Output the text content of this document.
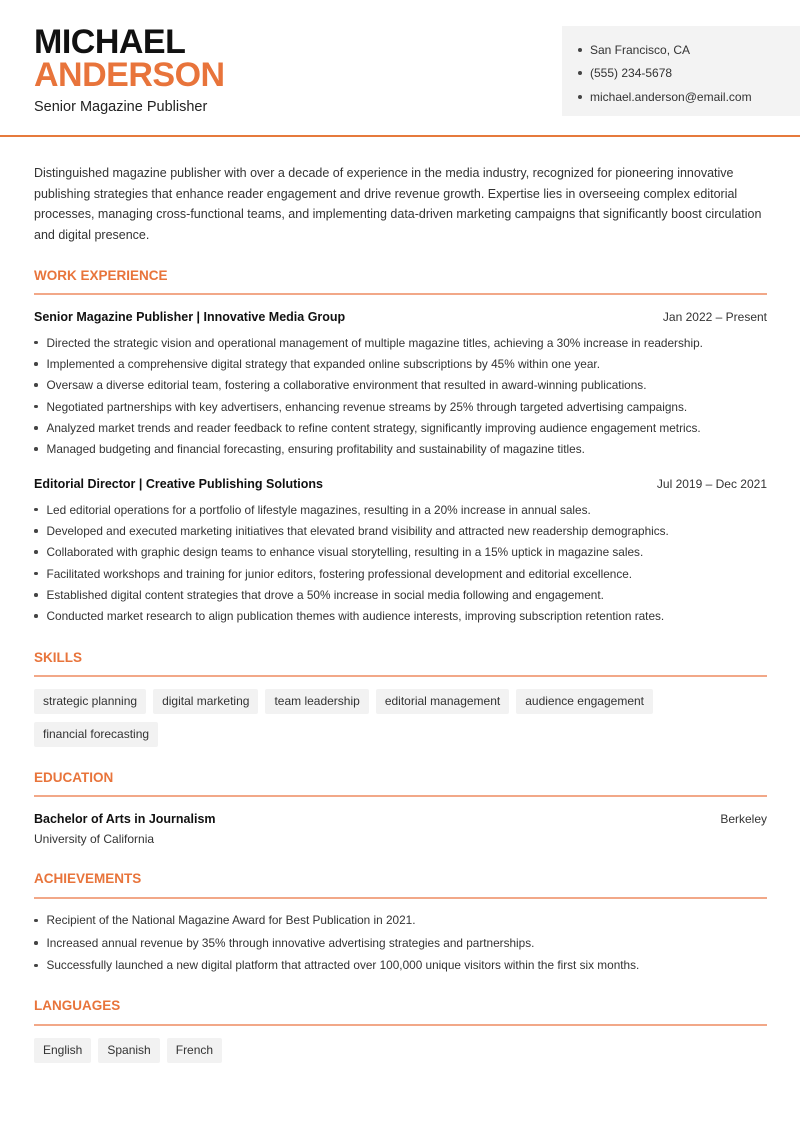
MICHAEL
ANDERSON
Senior Magazine Publisher
San Francisco, CA
(555) 234-5678
michael.anderson@email.com

Distinguished magazine publisher with over a decade of experience in the media industry, recognized for pioneering innovative publishing strategies that enhance reader engagement and drive revenue growth. Expertise lies in overseeing complex editorial processes, managing cross-functional teams, and implementing data-driven marketing campaigns that significantly boost circulation and digital presence.

WORK EXPERIENCE
Senior Magazine Publisher | Innovative Media Group	Jan 2022 – Present
Directed the strategic vision and operational management of multiple magazine titles, achieving a 30% increase in readership.
Implemented a comprehensive digital strategy that expanded online subscriptions by 45% within one year.
Oversaw a diverse editorial team, fostering a collaborative environment that resulted in award-winning publications.
Negotiated partnerships with key advertisers, enhancing revenue streams by 25% through targeted advertising campaigns.
Analyzed market trends and reader feedback to refine content strategy, significantly improving audience engagement metrics.
Managed budgeting and financial forecasting, ensuring profitability and sustainability of magazine titles.
Editorial Director | Creative Publishing Solutions	Jul 2019 – Dec 2021
Led editorial operations for a portfolio of lifestyle magazines, resulting in a 20% increase in annual sales.
Developed and executed marketing initiatives that elevated brand visibility and attracted new readership demographics.
Collaborated with graphic design teams to enhance visual storytelling, resulting in a 15% uptick in magazine sales.
Facilitated workshops and training for junior editors, fostering professional development and editorial excellence.
Established digital content strategies that drove a 50% increase in social media following and engagement.
Conducted market research to align publication themes with audience interests, improving subscription retention rates.
SKILLS
strategic planning	digital marketing	team leadership	editorial management	audience engagement
financial forecasting
EDUCATION
Bachelor of Arts in Journalism	Berkeley
University of California
ACHIEVEMENTS
Recipient of the National Magazine Award for Best Publication in 2021.
Increased annual revenue by 35% through innovative advertising strategies and partnerships.
Successfully launched a new digital platform that attracted over 100,000 unique visitors within the first six months.
LANGUAGES
English	Spanish	French
